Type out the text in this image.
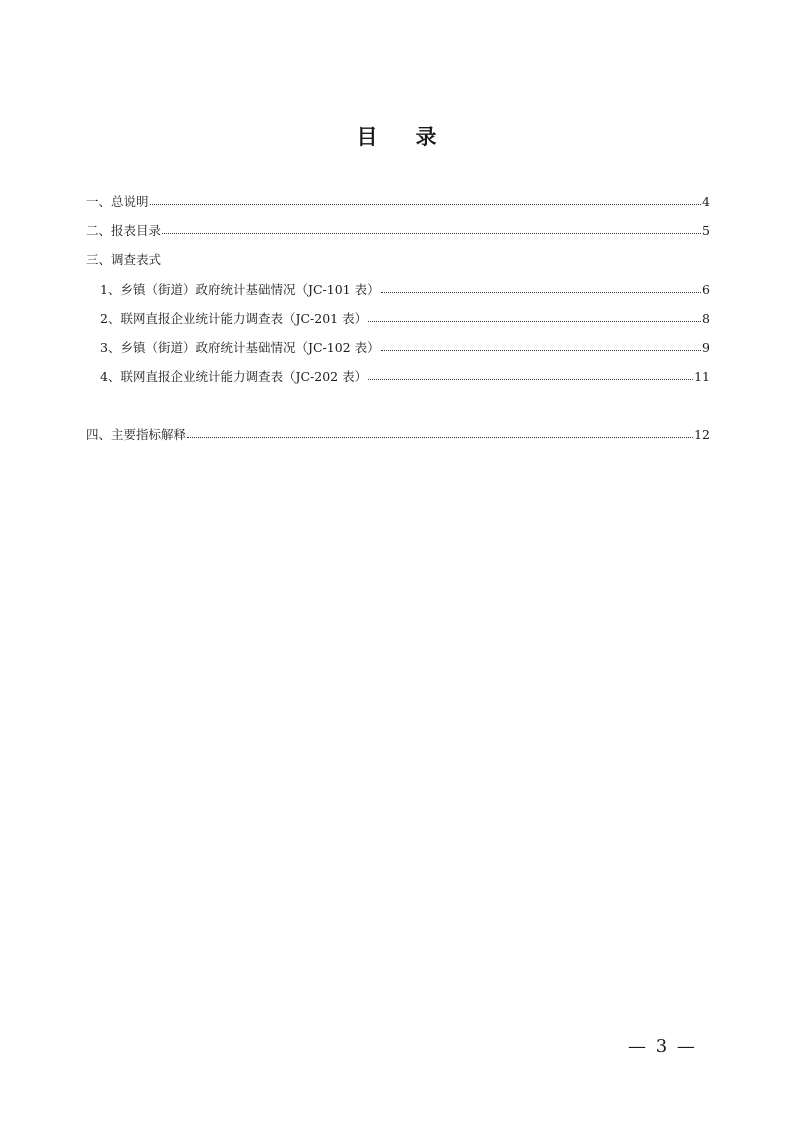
目 录
一、总说明	4
二、报表目录	5
三、调查表式
1、乡镇（街道）政府统计基础情况（JC-101 表）	6
2、联网直报企业统计能力调查表（JC-201 表）	8
3、乡镇（街道）政府统计基础情况（JC-102 表）	9
4、联网直报企业统计能力调查表（JC-202 表）	11
四、主要指标解释	12
— 3 —
